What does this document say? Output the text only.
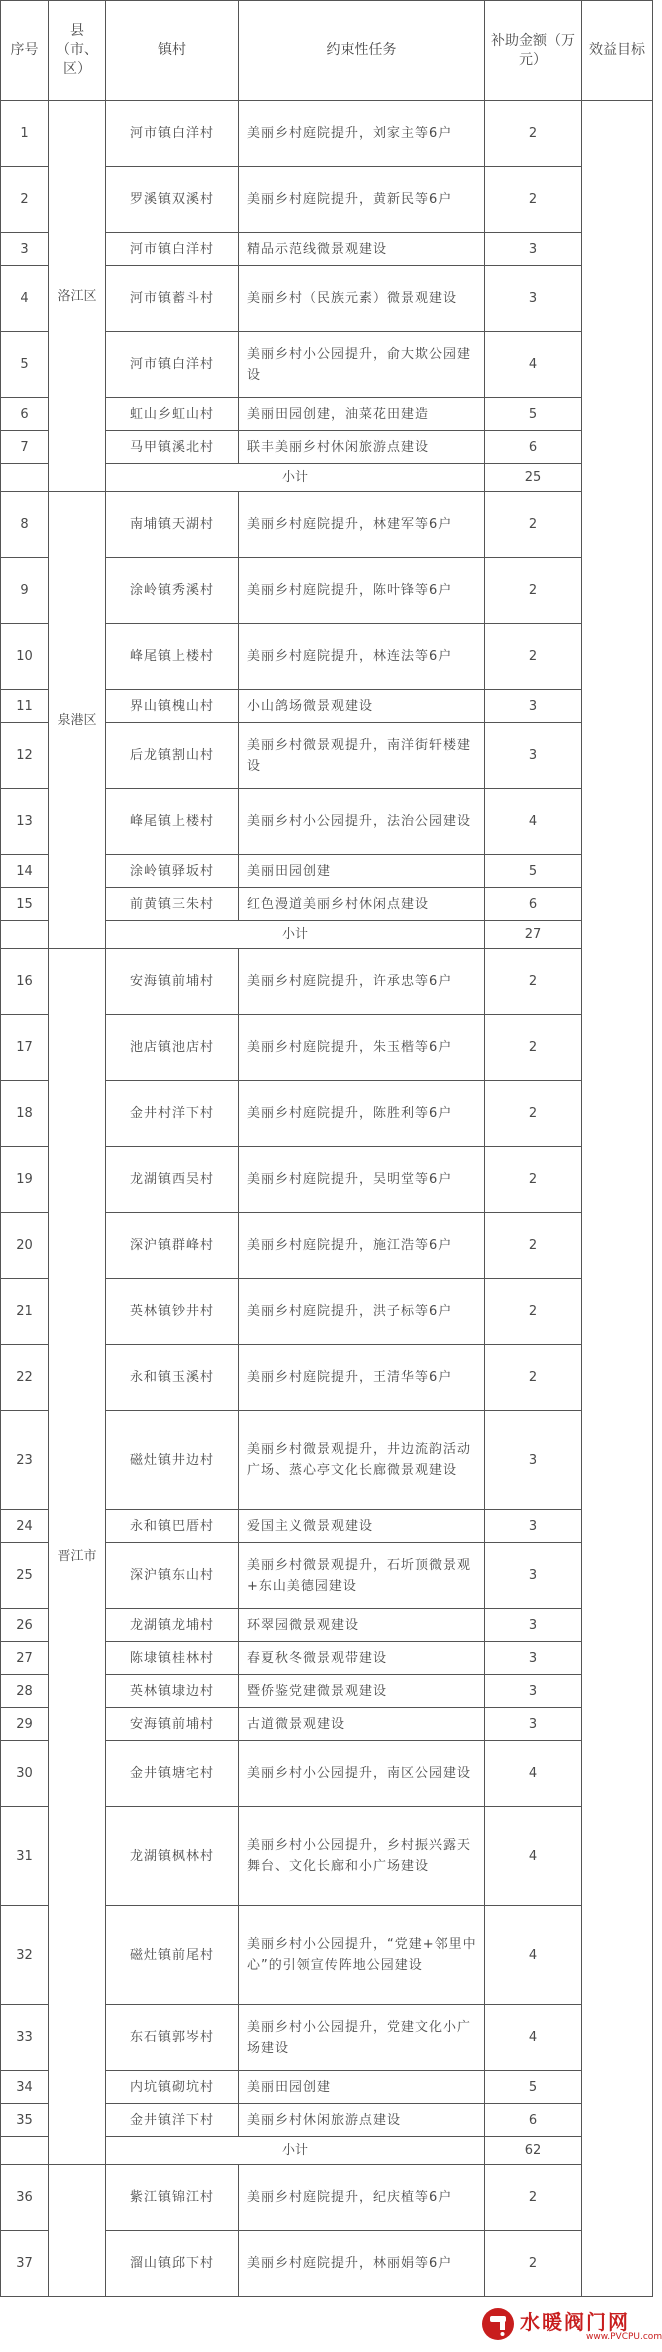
序号	县（市、区）	镇村	约束性任务	补助金额（万元）	效益目标
1	洛江区	河市镇白洋村	美丽乡村庭院提升，刘家主等6户	2	
2		罗溪镇双溪村	美丽乡村庭院提升，黄新民等6户	2	
3		河市镇白洋村	精品示范线微景观建设	3	
4		河市镇蓄斗村	美丽乡村（民族元素）微景观建设	3	
5		河市镇白洋村	美丽乡村小公园提升，俞大欺公园建设	4	
6		虹山乡虹山村	美丽田园创建，油菜花田建造	5	
7		马甲镇溪北村	联丰美丽乡村休闲旅游点建设	6	
		小计		25	
8	泉港区	南埔镇天湖村	美丽乡村庭院提升，林建军等6户	2	
9		涂岭镇秀溪村	美丽乡村庭院提升，陈叶锋等6户	2	
10		峰尾镇上楼村	美丽乡村庭院提升，林连法等6户	2	
11		界山镇槐山村	小山鸽场微景观建设	3	
12		后龙镇割山村	美丽乡村微景观提升，南洋街轩楼建设	3	
13		峰尾镇上楼村	美丽乡村小公园提升，法治公园建设	4	
14		涂岭镇驿坂村	美丽田园创建	5	
15		前黄镇三朱村	红色漫道美丽乡村休闲点建设	6	
		小计		27	
16	晋江市	安海镇前埔村	美丽乡村庭院提升，许承忠等6户	2	
17		池店镇池店村	美丽乡村庭院提升，朱玉楷等6户	2	
18		金井村洋下村	美丽乡村庭院提升，陈胜利等6户	2	
19		龙湖镇西吴村	美丽乡村庭院提升，吴明堂等6户	2	
20		深沪镇群峰村	美丽乡村庭院提升，施江浩等6户	2	
21		英林镇钞井村	美丽乡村庭院提升，洪子标等6户	2	
22		永和镇玉溪村	美丽乡村庭院提升，王清华等6户	2	
23		磁灶镇井边村	美丽乡村微景观提升，井边流韵活动广场、蒸心亭文化长廊微景观建设	3	
24		永和镇巴厝村	爱国主义微景观建设	3	
25		深沪镇东山村	美丽乡村微景观提升，石圻顶微景观+东山美德园建设	3	
26		龙湖镇龙埔村	环翠园微景观建设	3	
27		陈埭镇桂林村	春夏秋冬微景观带建设	3	
28		英林镇埭边村	暨侨鉴党建微景观建设	3	
29		安海镇前埔村	古道微景观建设	3	
30		金井镇塘宅村	美丽乡村小公园提升，南区公园建设	4	
31		龙湖镇枫林村	美丽乡村小公园提升，乡村振兴露天舞台、文化长廊和小广场建设	4	
32		磁灶镇前尾村	美丽乡村小公园提升，“党建+邻里中心”的引领宣传阵地公园建设	4	
33		东石镇郭岑村	美丽乡村小公园提升，党建文化小广场建设	4	
34		内坑镇砌坑村	美丽田园创建	5	
35		金井镇洋下村	美丽乡村休闲旅游点建设	6	
		小计		62	
36		紫江镇锦江村	美丽乡村庭院提升，纪庆植等6户	2	
37		溜山镇邱下村	美丽乡村庭院提升，林丽娟等6户	2	
水暖阀门网
www.PVCPU.com
